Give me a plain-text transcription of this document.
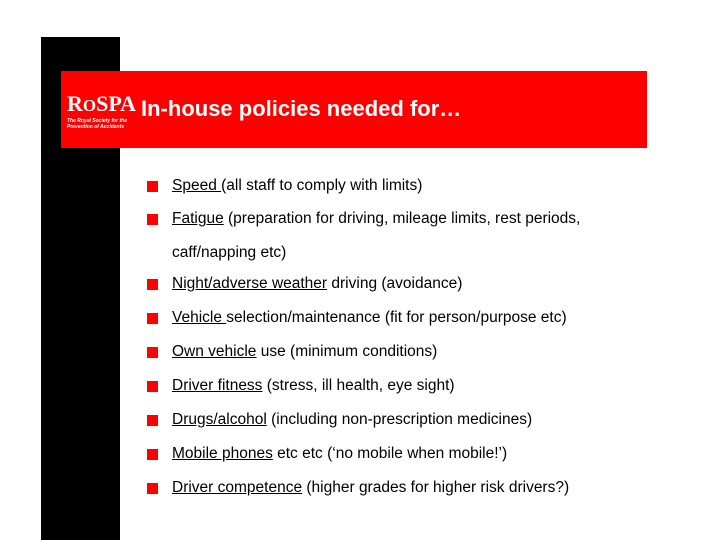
ROSPA
The Royal Society for the Prevention of Accidents
In-house policies needed for…
Speed (all staff to comply with limits)
Fatigue (preparation for driving, mileage limits, rest periods,
caff/napping etc)
Night/adverse weather driving (avoidance)
Vehicle selection/maintenance (fit for person/purpose etc)
Own vehicle use (minimum conditions)
Driver fitness (stress, ill health, eye sight)
Drugs/alcohol (including non-prescription medicines)
Mobile phones etc etc (‘no mobile when mobile!’)
Driver competence (higher grades for higher risk drivers?)
